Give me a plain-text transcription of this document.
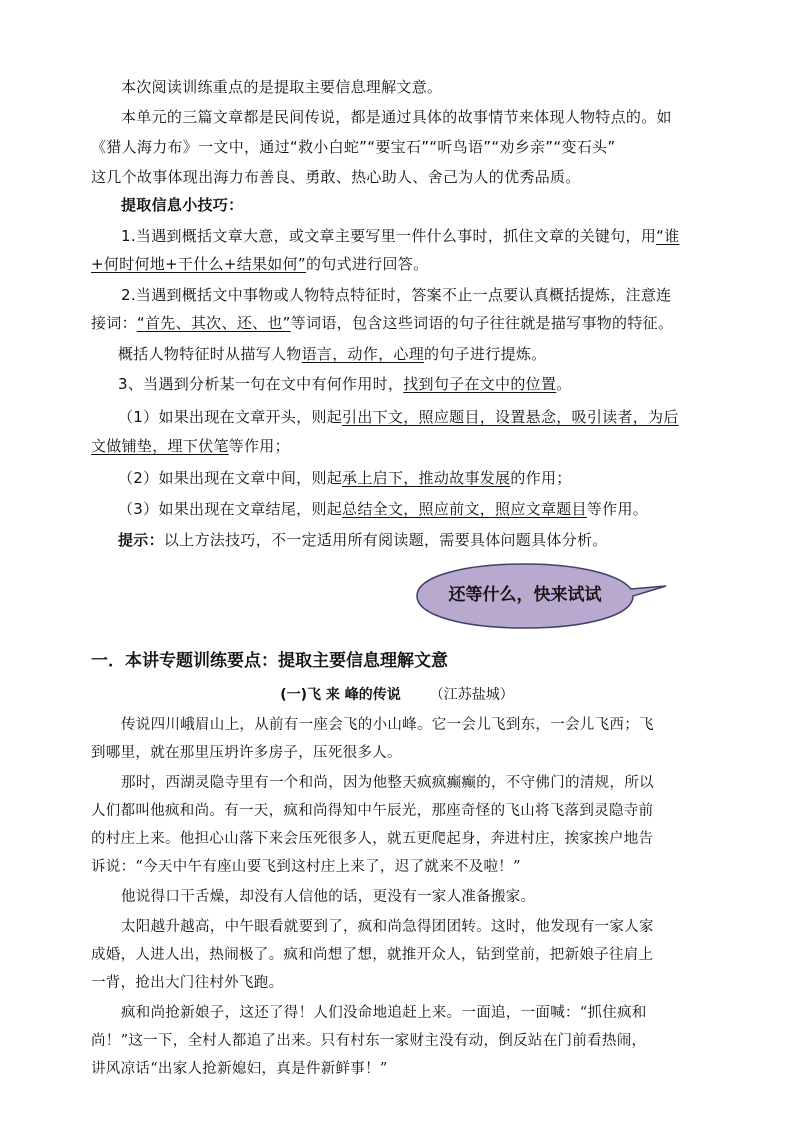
本次阅读训练重点的是提取主要信息理解文意。
本单元的三篇文章都是民间传说，都是通过具体的故事情节来体现人物特点的。如
《猎人海力布》一文中，通过“救小白蛇”“要宝石”“听鸟语”“劝乡亲”“变石头”
这几个故事体现出海力布善良、勇敢、热心助人、舍己为人的优秀品质。
提取信息小技巧：
1.当遇到概括文章大意，或文章主要写里一件什么事时，抓住文章的关键句，用“谁
+何时何地+干什么+结果如何”的句式进行回答。
2.当遇到概括文中事物或人物特点特征时，答案不止一点要认真概括提炼，注意连
接词：“首先、其次、还、也”等词语，包含这些词语的句子往往就是描写事物的特征。
概括人物特征时从描写人物语言，动作，心理的句子进行提炼。
3、当遇到分析某一句在文中有何作用时，找到句子在文中的位置。
（1）如果出现在文章开头，则起引出下文，照应题目，设置悬念，吸引读者，为后
文做铺垫，埋下伏笔等作用；
（2）如果出现在文章中间，则起承上启下，推动故事发展的作用；
（3）如果出现在文章结尾，则起总结全文，照应前文，照应文章题目等作用。
提示：以上方法技巧，不一定适用所有阅读题，需要具体问题具体分析。
还等什么，快来试试
一．本讲专题训练要点：提取主要信息理解文意
(一)飞 来 峰的传说 （江苏盐城）
传说四川峨眉山上，从前有一座会飞的小山峰。它一会儿飞到东，一会儿飞西；飞
到哪里，就在那里压坍许多房子，压死很多人。
那时，西湖灵隐寺里有一个和尚，因为他整天疯疯癫癫的，不守佛门的清规，所以
人们都叫他疯和尚。有一天，疯和尚得知中午辰光，那座奇怪的飞山将飞落到灵隐寺前
的村庄上来。他担心山落下来会压死很多人，就五更爬起身，奔进村庄，挨家挨户地告
诉说：“今天中午有座山要飞到这村庄上来了，迟了就来不及啦！”
他说得口干舌燥，却没有人信他的话，更没有一家人准备搬家。
太阳越升越高，中午眼看就要到了，疯和尚急得团团转。这时，他发现有一家人家
成婚，人进人出，热闹极了。疯和尚想了想，就推开众人，钻到堂前，把新娘子往肩上
一背，抢出大门往村外飞跑。
疯和尚抢新娘子，这还了得！人们没命地追赶上来。一面追，一面喊：“抓住疯和
尚！”这一下，全村人都追了出来。只有村东一家财主没有动，倒反站在门前看热闹，
讲风凉话“出家人抢新媳妇，真是件新鲜事！”
